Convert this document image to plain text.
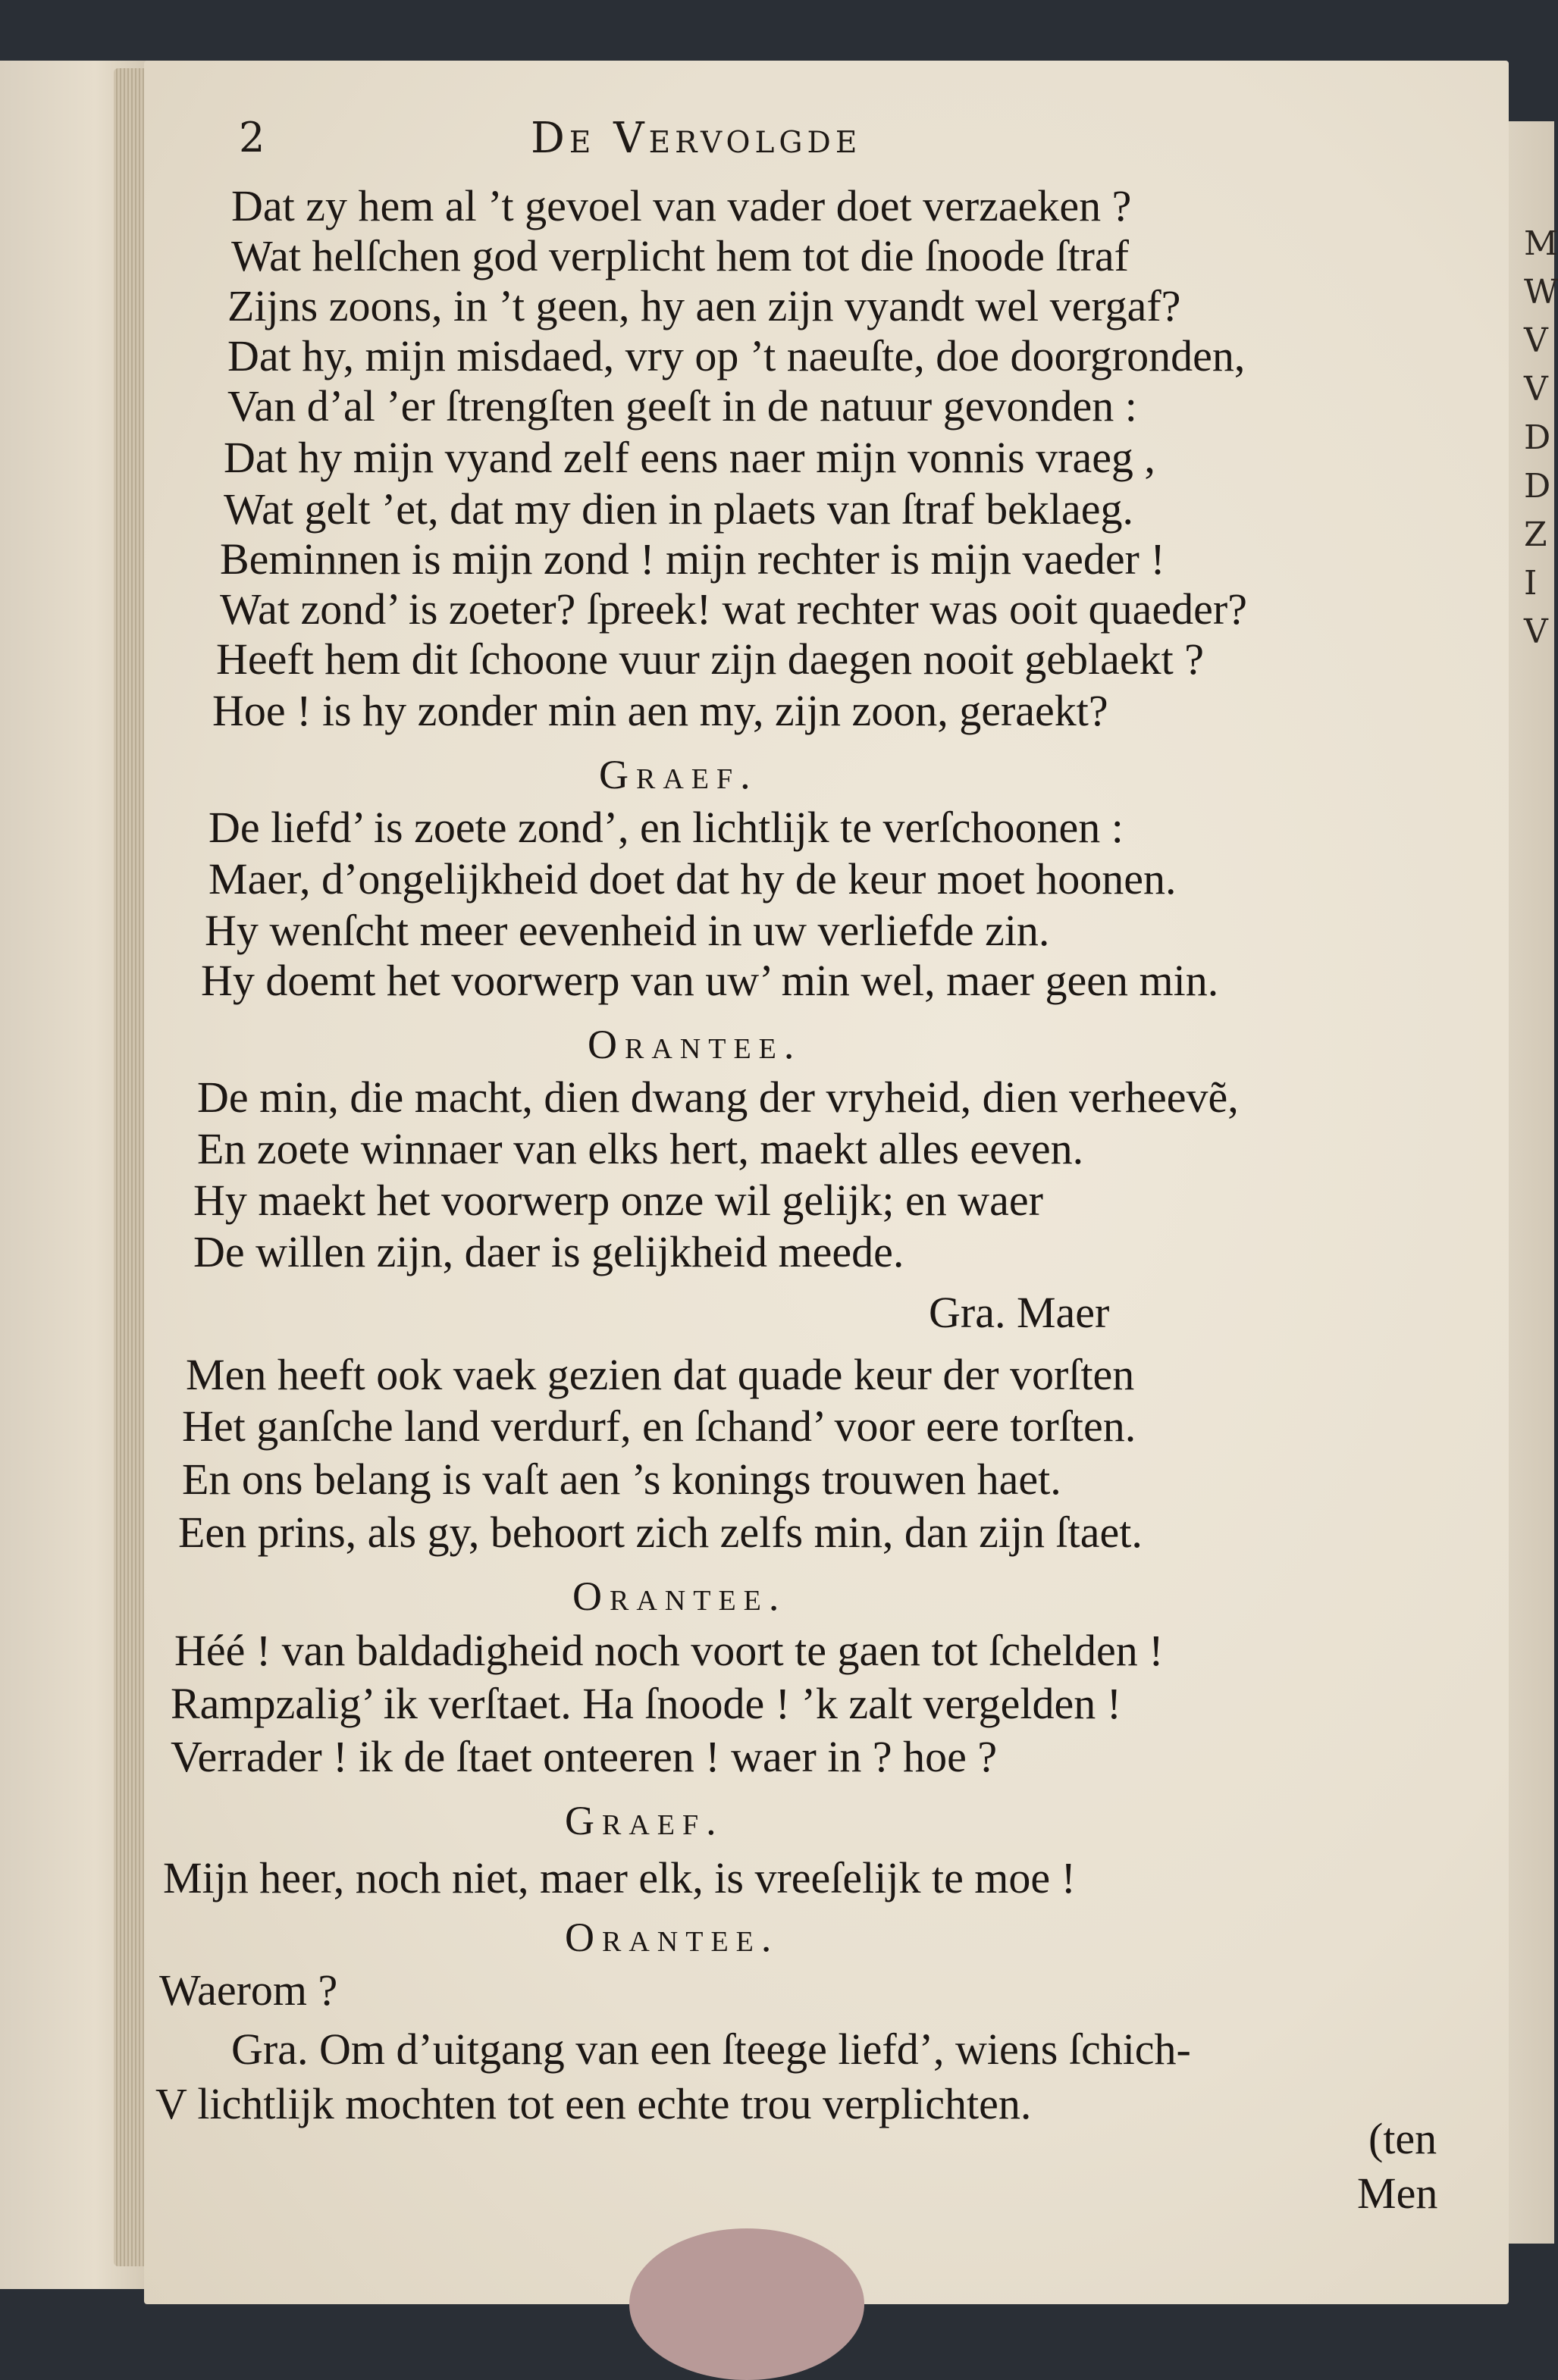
M
W
V
V
D
D
Z
I
V
2	De Vervolgde
Dat zy hem al ’t gevoel van vader doet verzaeken ?
Wat helſchen god verplicht hem tot die ſnoode ſtraf
Zijns zoons, in ’t geen, hy aen zijn vyandt wel vergaf?
Dat hy, mijn misdaed, vry op ’t naeuſte, doe doorgronden,
Van d’al ’er ſtrengſten geeſt in de natuur gevonden :
Dat hy mijn vyand zelf eens naer mijn vonnis vraeg ,
Wat gelt ’et, dat my dien in plaets van ſtraf beklaeg.
Beminnen is mijn zond ! mijn rechter is mijn vaeder !
Wat zond’ is zoeter? ſpreek! wat rechter was ooit quaeder?
Heeft hem dit ſchoone vuur zijn daegen nooit geblaekt ?
Hoe ! is hy zonder min aen my, zijn zoon, geraekt?
Graef.
De liefd’ is zoete zond’, en lichtlijk te verſchoonen :
Maer, d’ongelijkheid doet dat hy de keur moet hoonen.
Hy wenſcht meer eevenheid in uw verliefde zin.
Hy doemt het voorwerp van uw’ min wel, maer geen min.
Orantee.
De min, die macht, dien dwang der vryheid, dien verheevẽ,
En zoete winnaer van elks hert, maekt alles eeven.
Hy maekt het voorwerp onze wil gelijk; en waer
De willen zijn, daer is gelijkheid meede.
Gra. Maer
Men heeft ook vaek gezien dat quade keur der vorſten
Het ganſche land verdurf, en ſchand’ voor eere torſten.
En ons belang is vaſt aen ’s konings trouwen haet.
Een prins, als gy, behoort zich zelfs min, dan zijn ſtaet.
Orantee.
Héé ! van baldadigheid noch voort te gaen tot ſchelden !
Rampzalig’ ik verſtaet. Ha ſnoode ! ’k zalt vergelden !
Verrader ! ik de ſtaet onteeren ! waer in ? hoe ?
Graef.
Mijn heer, noch niet, maer elk, is vreeſelijk te moe !
Orantee.
Waerom ?
Gra. Om d’uitgang van een ſteege liefd’, wiens ſchich-
V lichtlijk mochten tot een echte trou verplichten.
(ten
Men
